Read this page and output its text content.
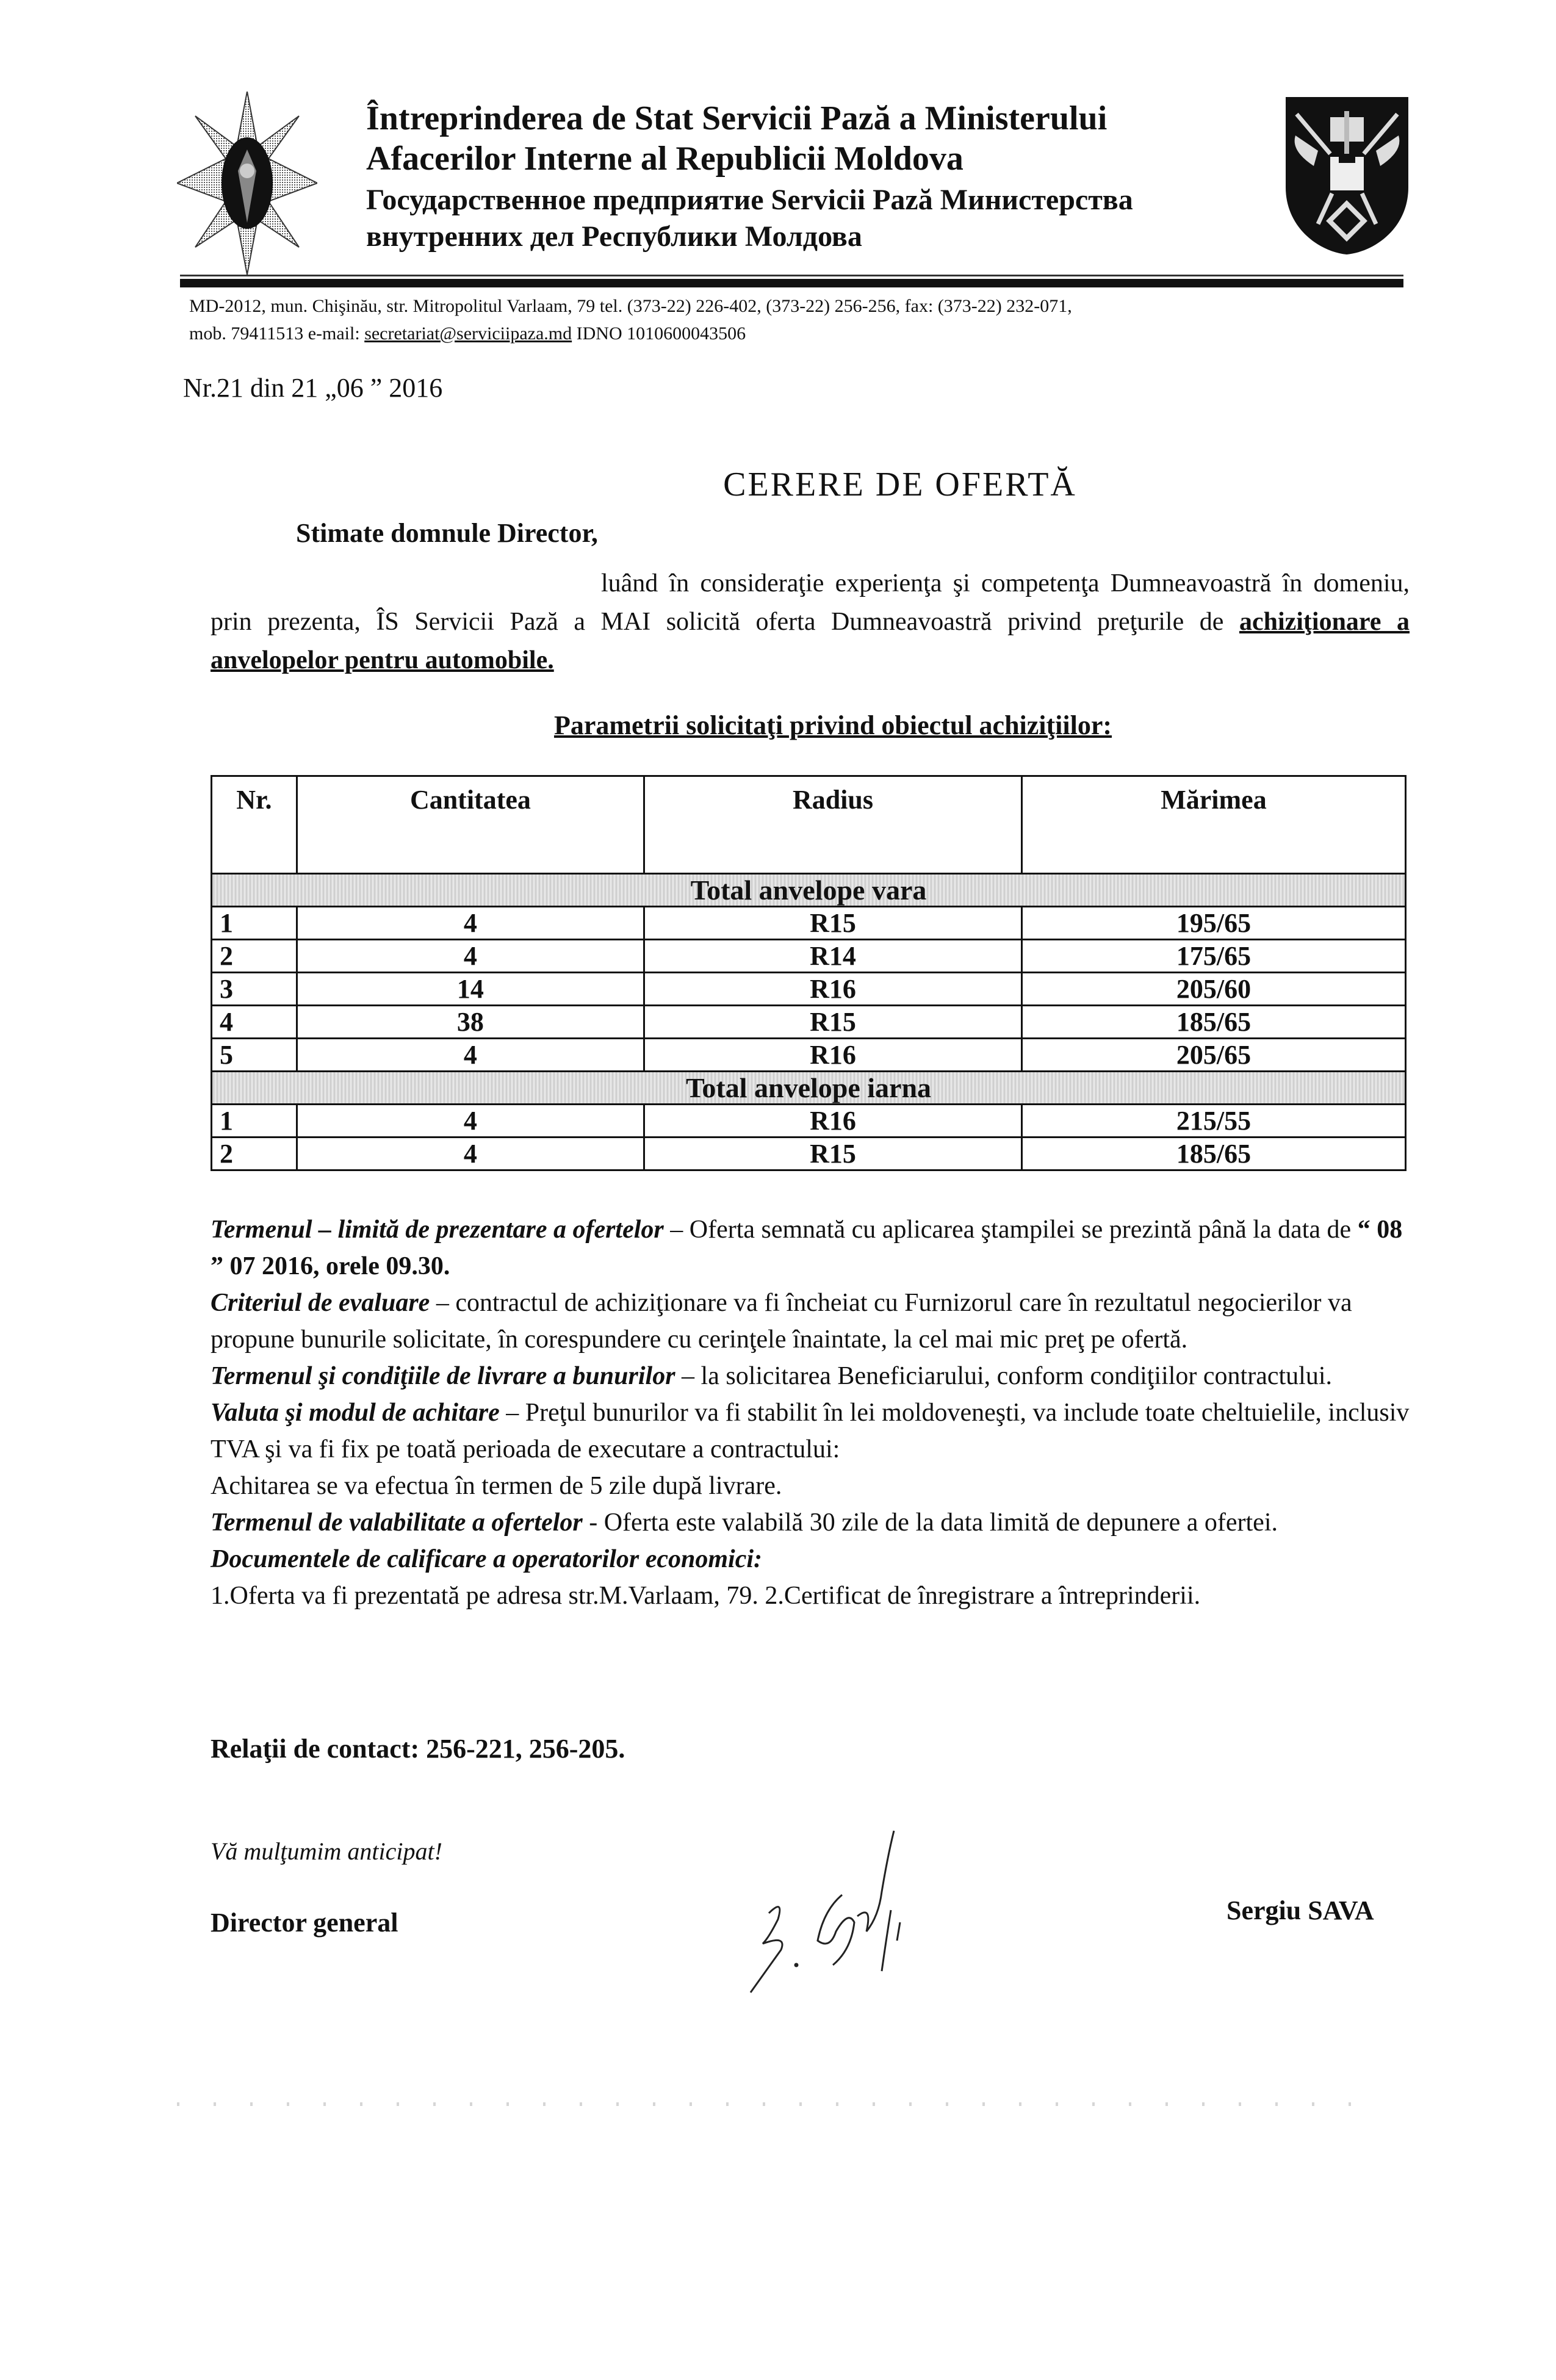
Întreprinderea de Stat Servicii Pază a Ministerului
Afacerilor Interne al Republicii Moldova
Государственное предприятие Servicii Pază Министерства
внутренних дел Республики Молдова
MD-2012, mun. Chişinău, str. Mitropolitul Varlaam, 79 tel. (373-22) 226-402, (373-22) 256-256, fax: (373-22) 232-071,
mob. 79411513 e-mail: secretariat@serviciipaza.md IDNO 1010600043506
Nr.21 din 21 „06 ” 2016
CERERE DE OFERTĂ
Stimate domnule Director,
luând în consideraţie experienţa şi competenţa Dumneavoastră în domeniu, prin prezenta, ÎS Servicii Pază a MAI solicită oferta Dumneavoastră privind preţurile de achiziţionare a anvelopelor pentru automobile.
Parametrii solicitaţi privind obiectul achiziţiilor:
Nr.	Cantitatea	Radius	Mărimea
Total anvelope vara			
1	4	R15	195/65
2	4	R14	175/65
3	14	R16	205/60
4	38	R15	185/65
5	4	R16	205/65
Total anvelope iarna			
1	4	R16	215/55
2	4	R15	185/65

Termenul – limită de prezentare a ofertelor – Oferta semnată cu aplicarea ştampilei se prezintă până la data de “ 08 ” 07 2016, orele 09.30.

Criteriul de evaluare – contractul de achiziţionare va fi încheiat cu Furnizorul care în rezultatul negocierilor va propune bunurile solicitate, în corespundere cu cerinţele înaintate, la cel mai mic preţ pe ofertă.

Termenul şi condiţiile de livrare a bunurilor – la solicitarea Beneficiarului, conform condiţiilor contractului.

Valuta şi modul de achitare – Preţul bunurilor va fi stabilit în lei moldoveneşti, va include toate cheltuielile, inclusiv TVA şi va fi fix pe toată perioada de executare a contractului:

Achitarea se va efectua în termen de 5 zile după livrare.

Termenul de valabilitate a ofertelor - Oferta este valabilă 30 zile de la data limită de depunere a ofertei.

Documentele de calificare a operatorilor economici:

1.Oferta va fi prezentată pe adresa str.M.Varlaam, 79. 2.Certificat de înregistrare a întreprinderii.

Relaţii de contact: 256-221, 256-205.
Vă mulţumim anticipat!
Director general	Sergiu SAVA
